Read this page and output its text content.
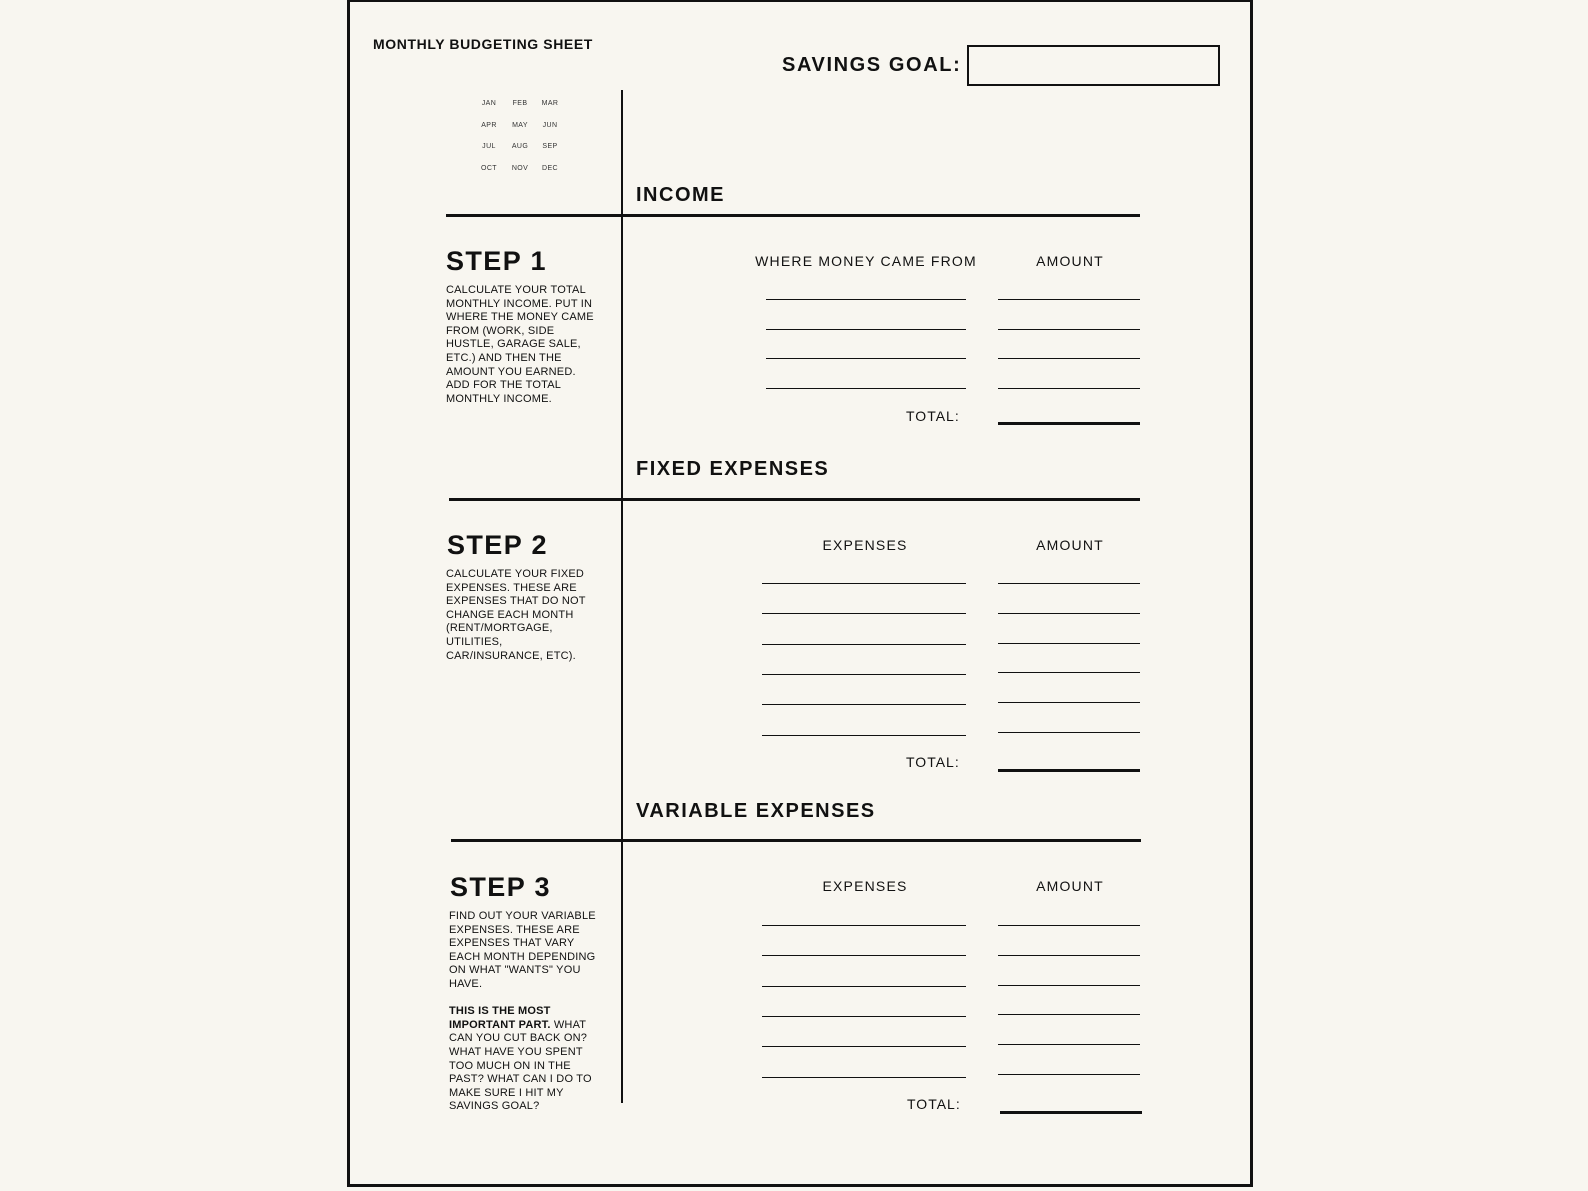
MONTHLY BUDGETING SHEET
SAVINGS GOAL:
JAN	FEB	MAR
APR	MAY	JUN
JUL	AUG	SEP
OCT	NOV	DEC
INCOME
STEP 1
CALCULATE YOUR TOTAL MONTHLY INCOME. PUT IN WHERE THE MONEY CAME FROM (WORK, SIDE HUSTLE, GARAGE SALE, ETC.) AND THEN THE AMOUNT YOU EARNED. ADD FOR THE TOTAL MONTHLY INCOME.
WHERE MONEY CAME FROM	AMOUNT
TOTAL:
FIXED EXPENSES
STEP 2
CALCULATE YOUR FIXED EXPENSES. THESE ARE EXPENSES THAT DO NOT CHANGE EACH MONTH (RENT/MORTGAGE, UTILITIES, CAR/INSURANCE, ETC).
EXPENSES	AMOUNT
TOTAL:
VARIABLE EXPENSES
STEP 3
FIND OUT YOUR VARIABLE EXPENSES. THESE ARE EXPENSES THAT VARY EACH MONTH DEPENDING ON WHAT "WANTS" YOU HAVE.
THIS IS THE MOST IMPORTANT PART. WHAT CAN YOU CUT BACK ON? WHAT HAVE YOU SPENT TOO MUCH ON IN THE PAST? WHAT CAN I DO TO MAKE SURE I HIT MY SAVINGS GOAL?
EXPENSES	AMOUNT
TOTAL:
